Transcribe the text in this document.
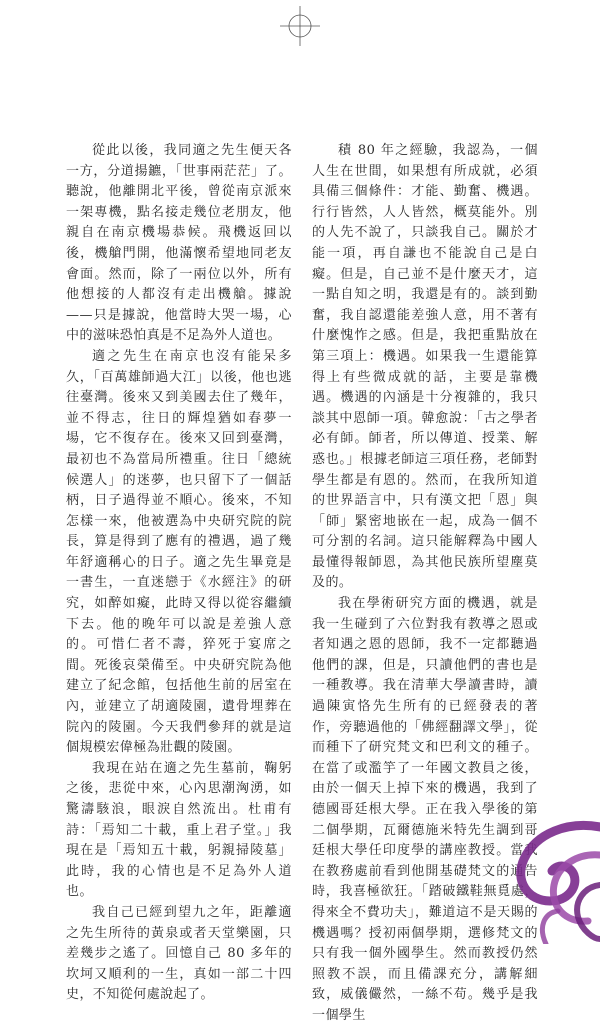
從此以後，我同適之先生便天各一方，分道揚鑣，「世事兩茫茫」了。聽說，他離開北平後，曾從南京派來一架專機，點名接走幾位老朋友，他親自在南京機場恭候。飛機返回以後，機艙門開，他滿懷希望地同老友會面。然而，除了一兩位以外，所有他想接的人都沒有走出機艙。據說——只是據說，他當時大哭一場，心中的滋味恐怕真是不足為外人道也。

適之先生在南京也沒有能呆多久，「百萬雄師過大江」以後，他也逃往臺灣。後來又到美國去住了幾年，並不得志，往日的輝煌猶如春夢一場，它不復存在。後來又回到臺灣，最初也不為當局所禮重。往日「總統候選人」的迷夢，也只留下了一個話柄，日子過得並不順心。後來，不知怎樣一來，他被選為中央研究院的院長，算是得到了應有的禮遇，過了幾年舒適稱心的日子。適之先生畢竟是一書生，一直迷戀于《水經注》的研究，如醉如癡，此時又得以從容繼續下去。他的晚年可以說是差強人意的。可惜仁者不壽，猝死于宴席之間。死後哀榮備至。中央研究院為他建立了紀念館，包括他生前的居室在內，並建立了胡適陵園，遺骨埋葬在院內的陵園。今天我們參拜的就是這個規模宏偉極為壯觀的陵園。

我現在站在適之先生墓前，鞠躬之後，悲從中來，心內思潮洶湧，如驚濤駭浪，眼淚自然流出。杜甫有詩：「焉知二十載，重上君子堂。」我現在是「焉知五十載，躬親掃陵墓」此時，我的心情也是不足為外人道也。

我自己已經到望九之年，距離適之先生所待的黃泉或者天堂樂園，只差幾步之遙了。回憶自己 80 多年的坎坷又順利的一生，真如一部二十四史，不知從何處說起了。

積 80 年之經驗，我認為，一個人生在世間，如果想有所成就，必須具備三個條件：才能、勤奮、機遇。行行皆然，人人皆然，概莫能外。別的人先不說了，只談我自己。關於才能一項，再自謙也不能說自己是白癡。但是，自己並不是什麼天才，這一點自知之明，我還是有的。談到勤奮，我自認還能差強人意，用不著有什麼愧怍之感。但是，我把重點放在第三項上：機遇。如果我一生還能算得上有些微成就的話，主要是靠機遇。機遇的內涵是十分複雜的，我只談其中恩師一項。韓愈說：「古之學者必有師。師者，所以傳道、授業、解惑也。」根據老師這三項任務，老師對學生都是有恩的。然而，在我所知道的世界語言中，只有漢文把「恩」與「師」緊密地嵌在一起，成為一個不可分割的名詞。這只能解釋為中國人最懂得報師恩，為其他民族所望塵莫及的。

我在學術研究方面的機遇，就是我一生碰到了六位對我有教導之恩或者知遇之恩的恩師，我不一定都聽過他們的課，但是，只讀他們的書也是一種教導。我在清華大學讀書時，讀過陳寅恪先生所有的已經發表的著作，旁聽過他的「佛經翻譯文學」，從而種下了研究梵文和巴利文的種子。在當了或濫竽了一年國文教員之後，由於一個天上掉下來的機遇，我到了德國哥廷根大學。正在我入學後的第二個學期，瓦爾德施米特先生調到哥廷根大學任印度學的講座教授。當我在教務處前看到他開基礎梵文的通告時，我喜極欲狂。「踏破鐵鞋無覓處，得來全不費功夫」，難道這不是天賜的機遇嗎？授初兩個學期，選修梵文的只有我一個外國學生。然而教授仍然照教不誤，而且備課充分，講解細致，威儀儼然，一絲不苟。幾乎是我一個學生
